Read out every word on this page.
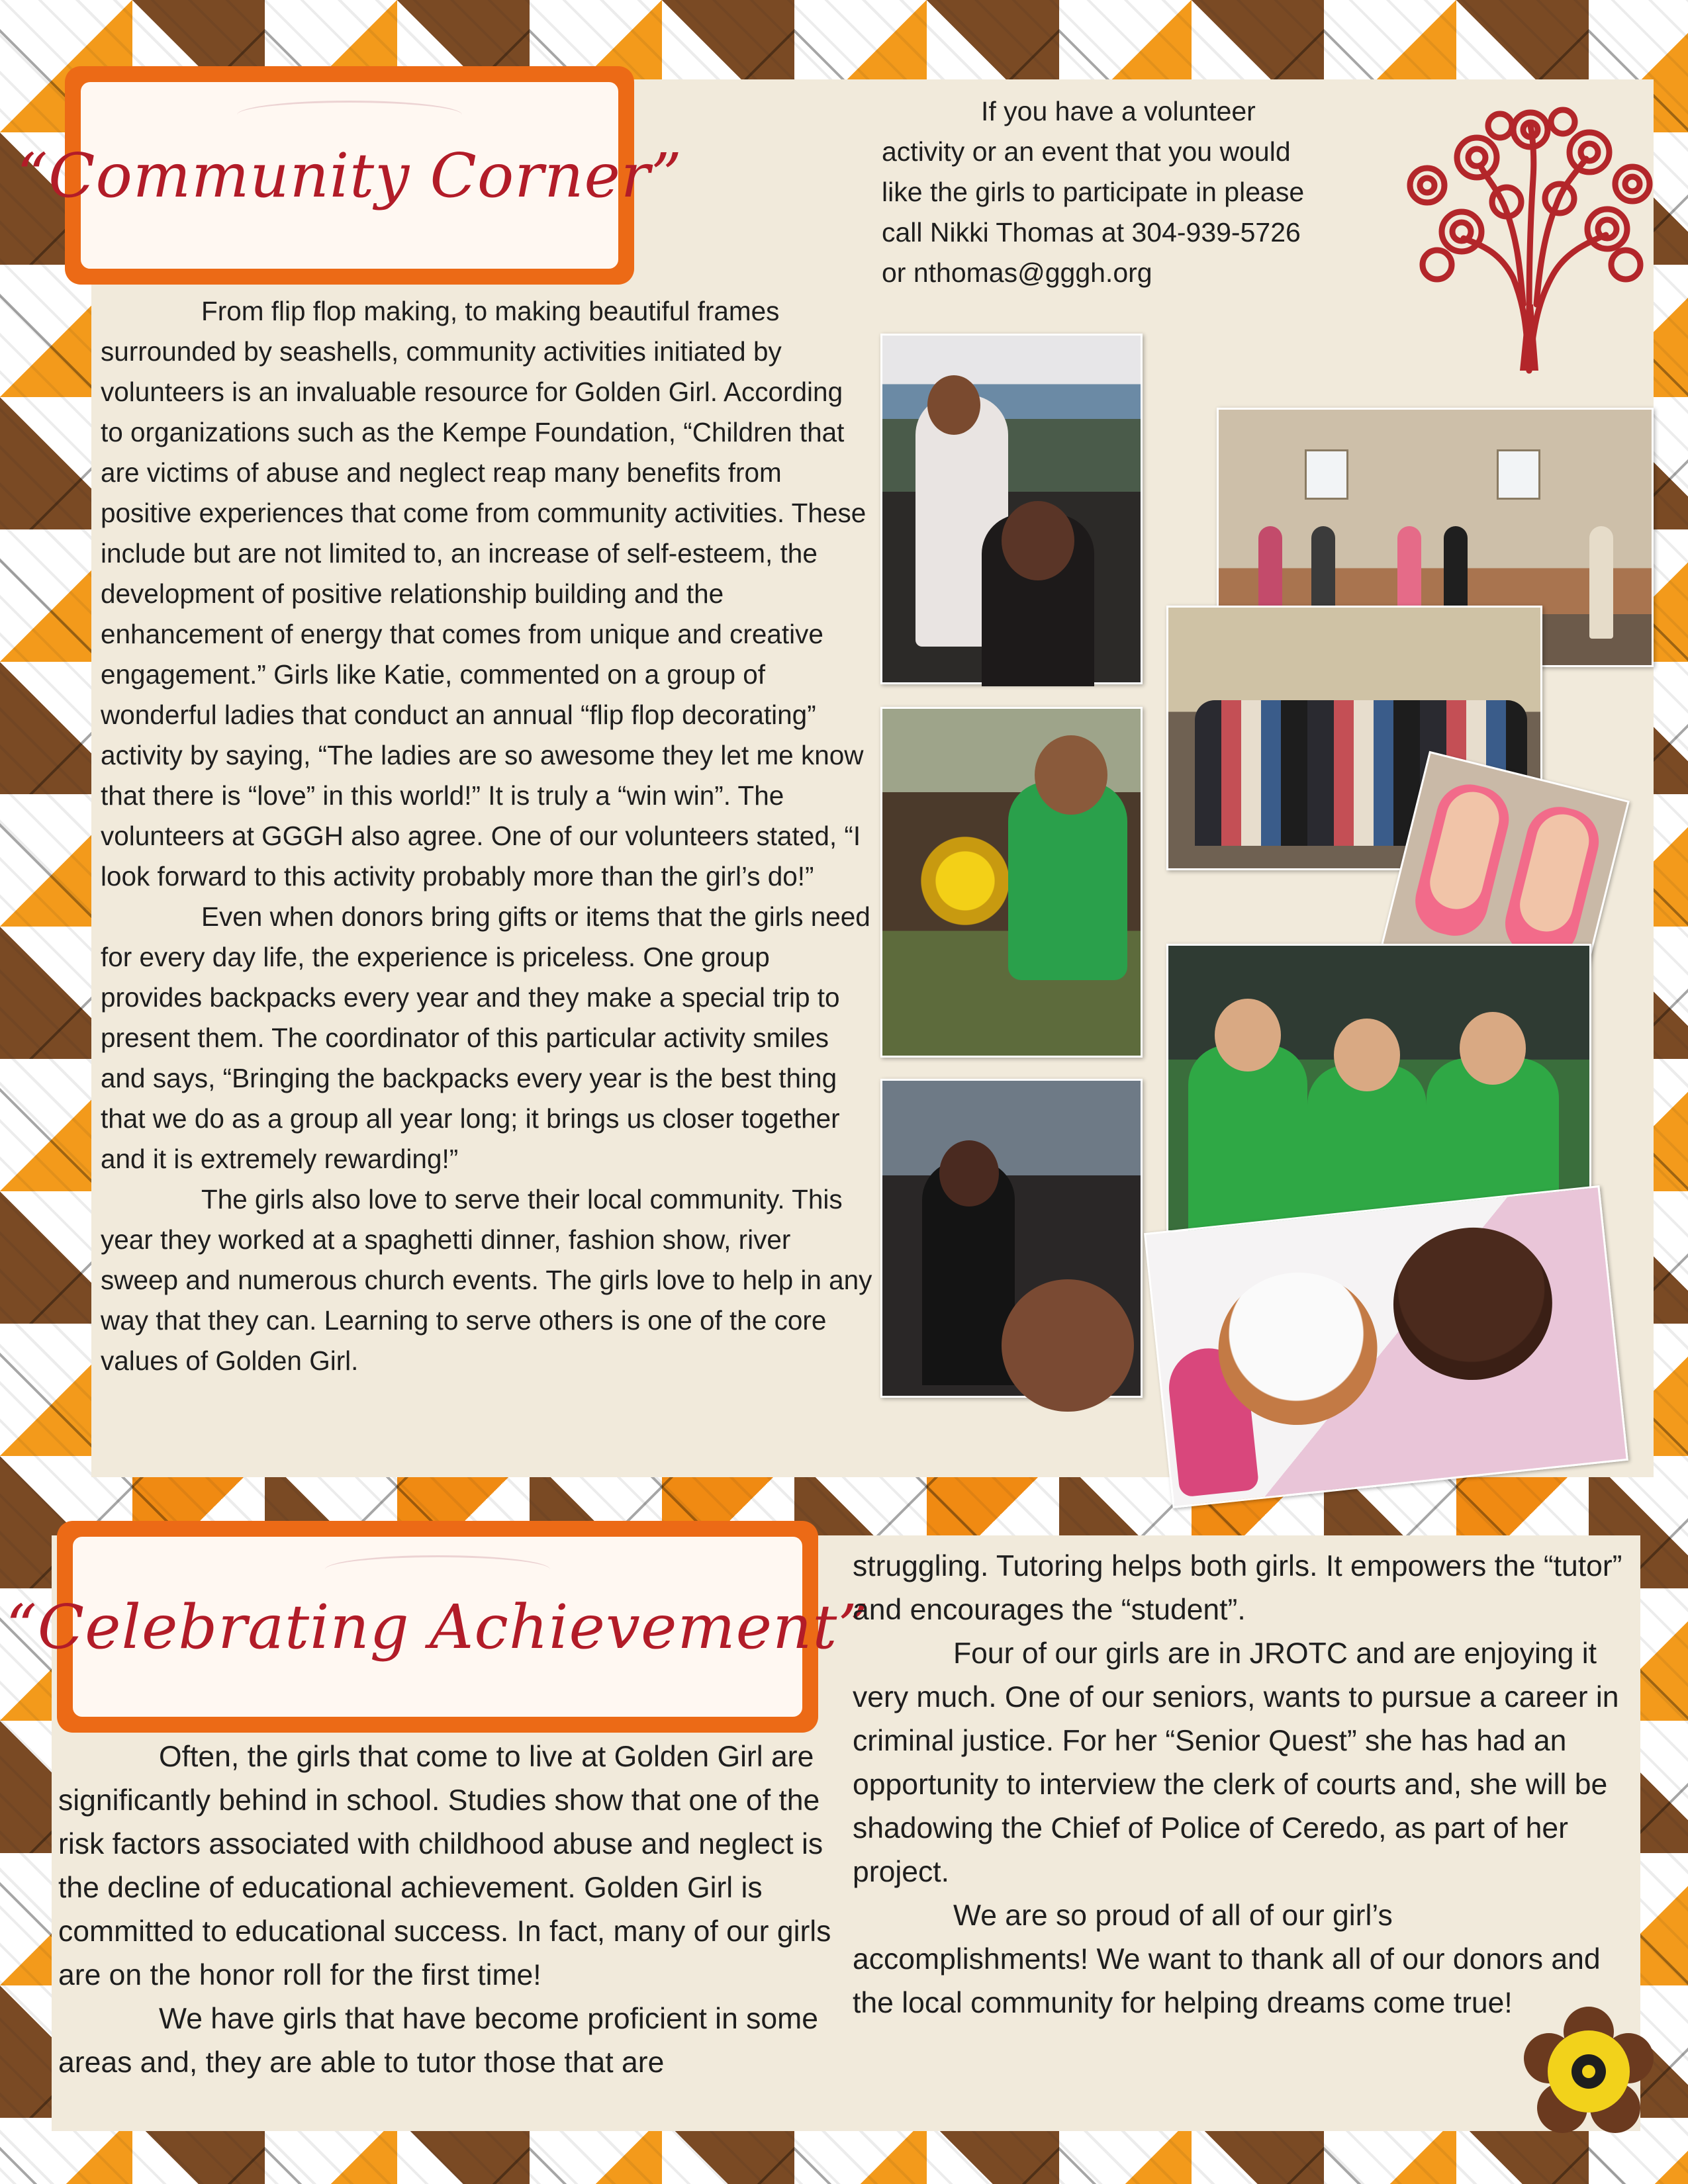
“Community Corner”
If you have a volunteer
activity or an event that you would
like the girls to participate in please
call Nikki Thomas at 304-939-5726
or nthomas@gggh.org

From flip flop making, to making beautiful frames surrounded by seashells, community activities initiated by volunteers is an invaluable resource for Golden Girl. According to organizations such as the Kempe Foundation, “Children that are victims of abuse and neglect reap many benefits from positive experiences that come from community activities. These include but are not limited to, an increase of self-esteem, the development of positive relationship building and the enhancement of energy that comes from unique and creative engagement.” Girls like Katie, commented on a group of wonderful ladies that conduct an annual “flip flop decorating” activity by saying, “The ladies are so awesome they let me know that there is “love” in this world!” It is truly a “win win”. The volunteers at GGGH also agree. One of our volunteers stated, “I look forward to this activity probably more than the girl’s do!”

Even when donors bring gifts or items that the girls need for every day life, the experience is priceless. One group provides backpacks every year and they make a special trip to present them. The coordinator of this particular activity smiles and says, “Bringing the backpacks every year is the best thing that we do as a group all year long; it brings us closer together and it is extremely rewarding!”

The girls also love to serve their local community. This year they worked at a spaghetti dinner, fashion show, river sweep and numerous church events. The girls love to help in any way that they can. Learning to serve others is one of the core values of Golden Girl.

“Celebrating Achievement”

Often, the girls that come to live at Golden Girl are significantly behind in school. Studies show that one of the risk factors associated with childhood abuse and neglect is the decline of educational achievement. Golden Girl is committed to educational success. In fact, many of our girls are on the honor roll for the first time!

We have girls that have become proficient in some areas and, they are able to tutor those that are

struggling. Tutoring helps both girls. It empowers the “tutor” and encourages the “student”.

Four of our girls are in JROTC and are enjoying it very much. One of our seniors, wants to pursue a career in criminal justice. For her “Senior Quest” she has had an opportunity to interview the clerk of courts and, she will be shadowing the Chief of Police of Ceredo, as part of her project.

We are so proud of all of our girl’s accomplishments! We want to thank all of our donors and the local community for helping dreams come true!
